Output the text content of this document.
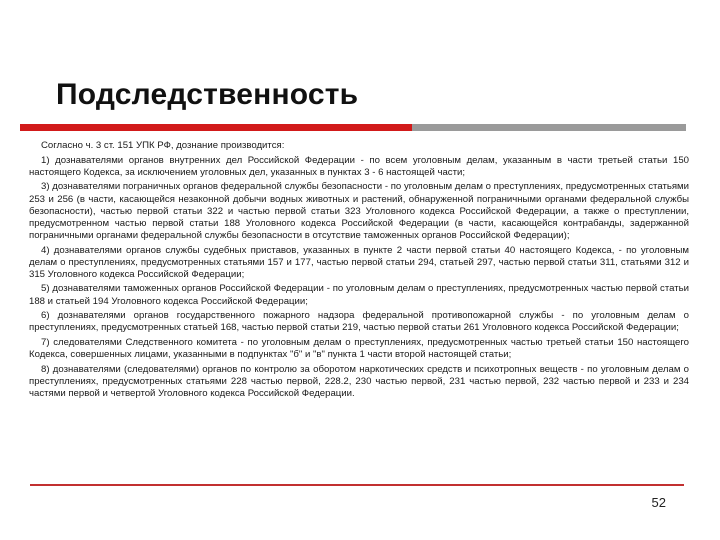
Подследственность

Согласно ч. 3 ст. 151 УПК РФ, дознание производится:

1) дознавателями органов внутренних дел Российской Федерации - по всем уголовным делам, указанным в части третьей статьи 150 настоящего Кодекса, за исключением уголовных дел, указанных в пунктах 3 - 6 настоящей части;

3) дознавателями пограничных органов федеральной службы безопасности - по уголовным делам о преступлениях, предусмотренных статьями 253 и 256 (в части, касающейся незаконной добычи водных животных и растений, обнаруженной пограничными органами федеральной службы безопасности), частью первой статьи 322 и частью первой статьи 323 Уголовного кодекса Российской Федерации, а также о преступлении, предусмотренном частью первой статьи 188 Уголовного кодекса Российской Федерации (в части, касающейся контрабанды, задержанной пограничными органами федеральной службы безопасности в отсутствие таможенных органов Российской Федерации);

4) дознавателями органов службы судебных приставов, указанных в пункте 2 части первой статьи 40 настоящего Кодекса, - по уголовным делам о преступлениях, предусмотренных статьями 157 и 177, частью первой статьи 294, статьей 297, частью первой статьи 311, статьями 312 и 315 Уголовного кодекса Российской Федерации;

5) дознавателями таможенных органов Российской Федерации - по уголовным делам о преступлениях, предусмотренных частью первой статьи 188 и статьей 194 Уголовного кодекса Российской Федерации;

6) дознавателями органов государственного пожарного надзора федеральной противопожарной службы - по уголовным делам о преступлениях, предусмотренных статьей 168, частью первой статьи 219, частью первой статьи 261 Уголовного кодекса Российской Федерации;

7) следователями Следственного комитета - по уголовным делам о преступлениях, предусмотренных частью третьей статьи 150 настоящего Кодекса, совершенных лицами, указанными в подпунктах "б" и "в" пункта 1 части второй настоящей статьи;

8) дознавателями (следователями) органов по контролю за оборотом наркотических средств и психотропных веществ - по уголовным делам о преступлениях, предусмотренных статьями 228 частью первой, 228.2, 230 частью первой, 231 частью первой, 232 частью первой и 233 и 234 частями первой и четвертой Уголовного кодекса Российской Федерации.

52
